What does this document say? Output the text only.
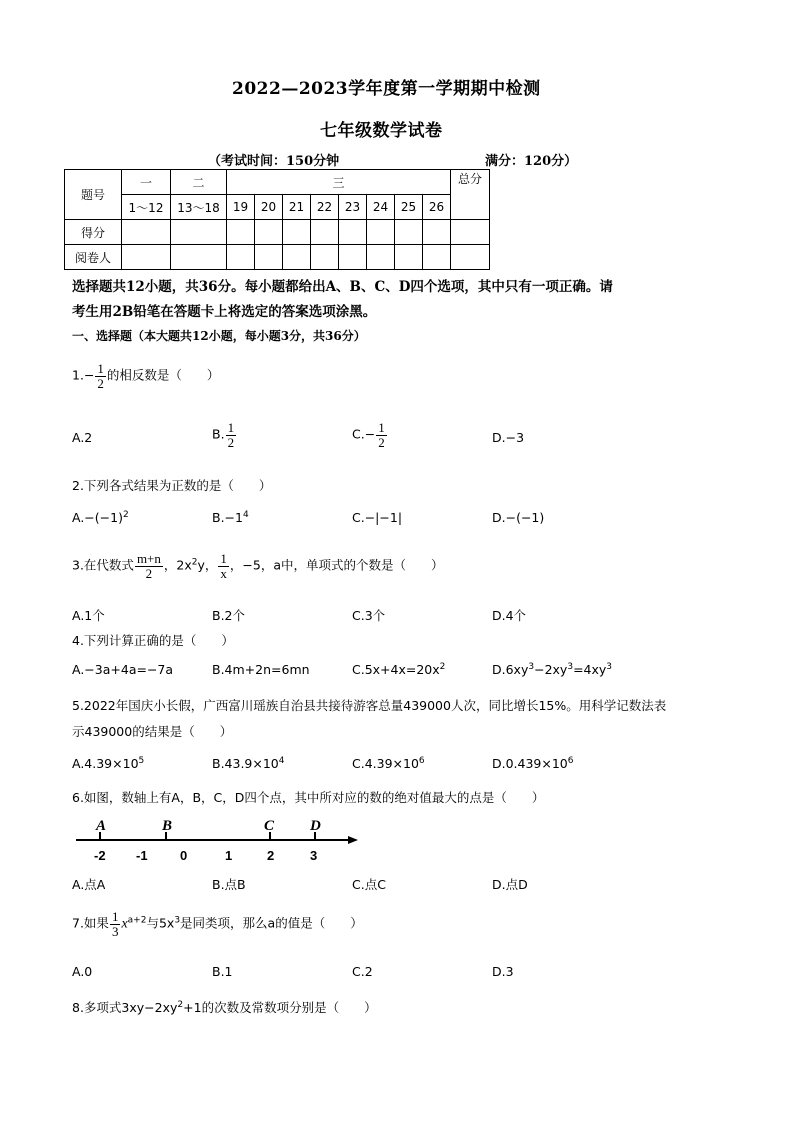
2022—2023学年度第一学期期中检测
七年级数学试卷
（考试时间：150分钟	满分：120分）
题号	一	二	三								总分
	1～12	13～18	19	20	21	22	23	24	25	26	
得分											
阅卷人											
选择题共12小题，共36分。每小题都给出A、B、C、D四个选项，其中只有一项正确。请
考生用2B铅笔在答题卡上将选定的答案选项涂黑。
一、选择题（本大题共12小题，每小题3分，共36分）
$1.- \frac{1}{2}$ 的相反数是（　　）
A.2	B. $\frac{1}{2}$	$C.- \frac{1}{2}$	D.−3
2.下列各式结果为正数的是（　　）
$A.-(-1)^2$	$B.-1^4$	C.−|−1|	D.−(−1)
3.在代数式 $\frac{m+n}{2}$ ，$2x^2y$， $\frac{1}{x}$ ，−5，a中，单项式的个数是（　　）
A.1个	B.2个	C.3个	D.4个
4.下列计算正确的是（　　）
A.−3a+4a=−7a	B.4m+2n=6mn	$C.5x+4x=20x^2$	$D.6xy^3-2xy^3=4xy^3$
5.2022年国庆小长假，广西富川瑶族自治县共接待游客总量439000人次，同比增长15%。用科学记数法表
示439000的结果是（　　）
$A.4.39\times 10^5$	$B.43.9\times 10^4$	$C.4.39\times 10^6$	$D.0.439\times 10^6$
6.如图，数轴上有A，B，C，D四个点，其中所对应的数的绝对值最大的点是（　　）
A	B	C D
-2 -1 0	1	2	3
A.点A	B.点B	C.点C	D.点D
7.如果 $\frac{1}{3} x^{a+2}$与$5x^3$是同类项，那么a的值是（　　）
A.0	B.1	C.2	D.3
8.多项式$3xy-2xy^2+1$的次数及常数项分别是（　　）
